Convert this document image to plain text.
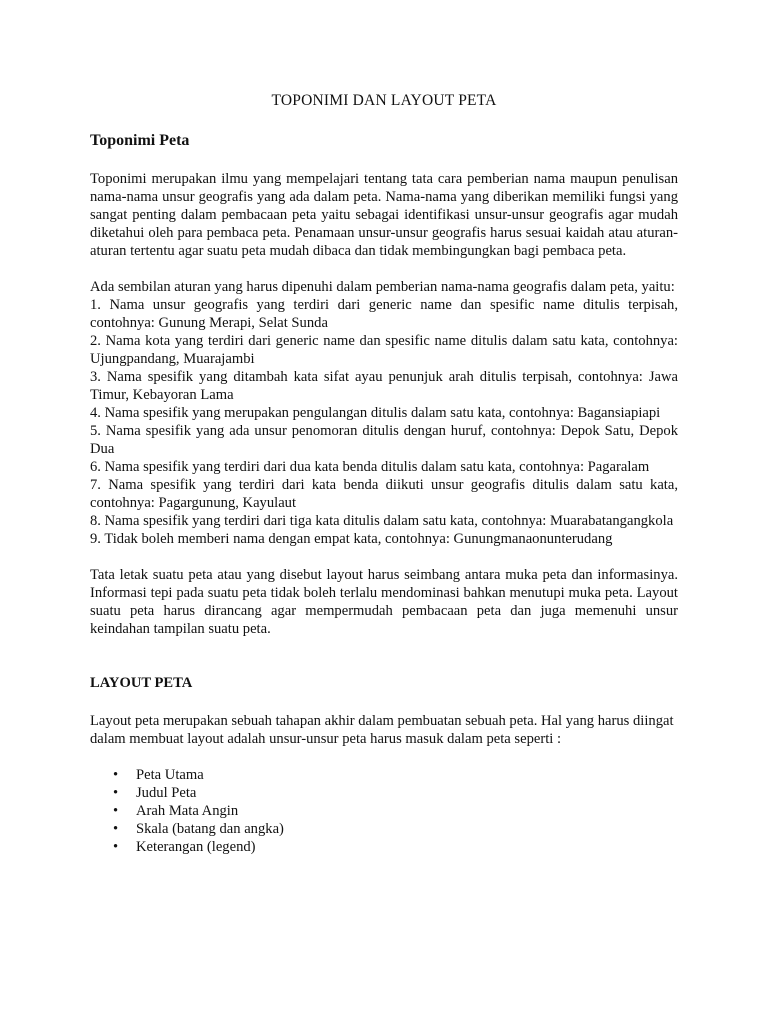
TOPONIMI DAN LAYOUT PETA
Toponimi Peta

Toponimi merupakan ilmu yang mempelajari tentang tata cara pemberian nama maupun penulisan nama-nama unsur geografis yang ada dalam peta. Nama-nama yang diberikan memiliki fungsi yang sangat penting dalam pembacaan peta yaitu sebagai identifikasi unsur-unsur geografis agar mudah diketahui oleh para pembaca peta. Penamaan unsur-unsur geografis harus sesuai kaidah atau aturan-aturan tertentu agar suatu peta mudah dibaca dan tidak membingungkan bagi pembaca peta.

Ada sembilan aturan yang harus dipenuhi dalam pemberian nama-nama geografis dalam peta, yaitu:
1. Nama unsur geografis yang terdiri dari generic name dan spesific name ditulis terpisah, contohnya: Gunung Merapi, Selat Sunda
2. Nama kota yang terdiri dari generic name dan spesific name ditulis dalam satu kata, contohnya: Ujungpandang, Muarajambi
3. Nama spesifik yang ditambah kata sifat ayau penunjuk arah ditulis terpisah, contohnya: Jawa Timur, Kebayoran Lama
4. Nama spesifik yang merupakan pengulangan ditulis dalam satu kata, contohnya: Bagansiapiapi
5. Nama spesifik yang ada unsur penomoran ditulis dengan huruf, contohnya: Depok Satu, Depok Dua
6. Nama spesifik yang terdiri dari dua kata benda ditulis dalam satu kata, contohnya: Pagaralam
7. Nama spesifik yang terdiri dari kata benda diikuti unsur geografis ditulis dalam satu kata, contohnya: Pagargunung, Kayulaut
8. Nama spesifik yang terdiri dari tiga kata ditulis dalam satu kata, contohnya: Muarabatangangkola
9. Tidak boleh memberi nama dengan empat kata, contohnya: Gunungmanaonunterudang

Tata letak suatu peta atau yang disebut layout harus seimbang antara muka peta dan informasinya. Informasi tepi pada suatu peta tidak boleh terlalu mendominasi bahkan menutupi muka peta. Layout suatu peta harus dirancang agar mempermudah pembacaan peta dan juga memenuhi unsur keindahan tampilan suatu peta.

LAYOUT PETA

Layout peta merupakan sebuah tahapan akhir dalam pembuatan sebuah peta. Hal yang harus diingat dalam membuat layout adalah unsur-unsur peta harus masuk dalam peta seperti :

• Peta Utama
• Judul Peta
• Arah Mata Angin
• Skala (batang dan angka)
• Keterangan (legend)
